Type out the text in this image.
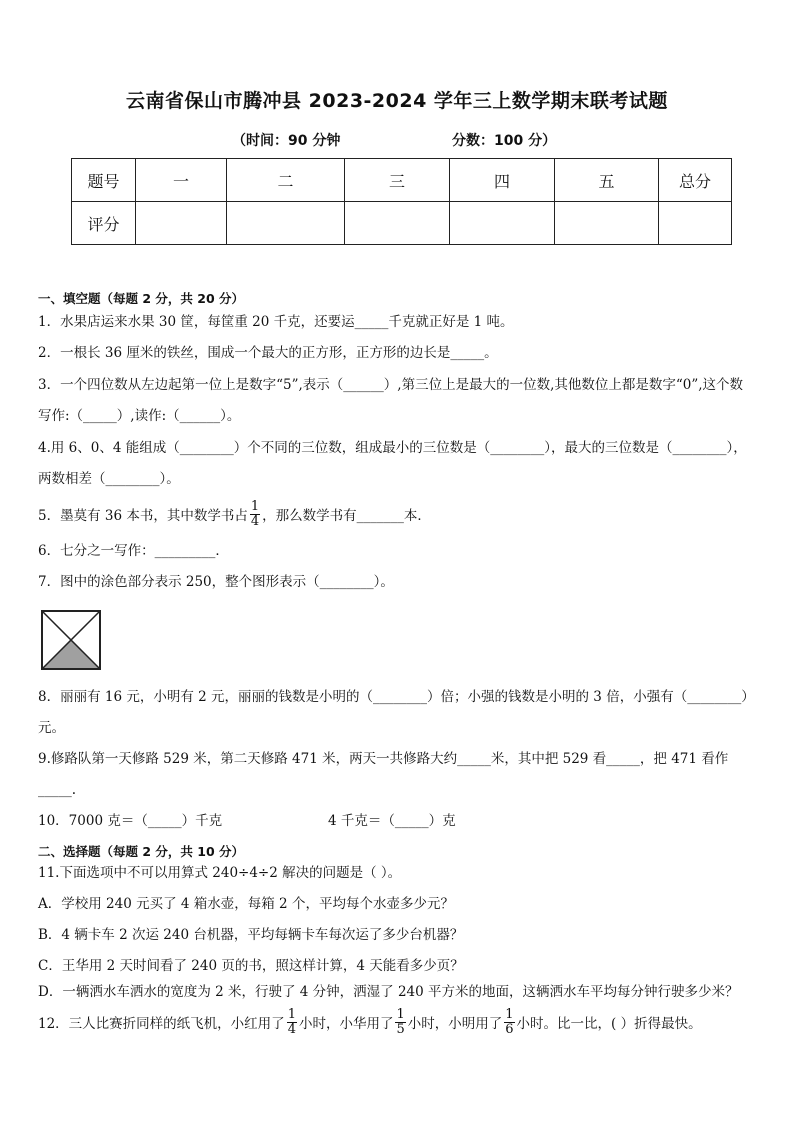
云南省保山市腾冲县 2023-2024 学年三上数学期末联考试题
（时间：90 分钟	分数：100 分）
题号	一	二	三	四	五	总分
评分						
一、填空题（每题 2 分，共 20 分）
1．水果店运来水果 30 筐，每筐重 20 千克，还要运_____千克就正好是 1 吨。
2．一根长 36 厘米的铁丝，围成一个最大的正方形，正方形的边长是_____。
3．一个四位数从左边起第一位上是数字“5”,表示（______）,第三位上是最大的一位数,其他数位上都是数字“0”,这个数
写作:（_____）,读作:（______）。
4.用 6、0、4 能组成（________）个不同的三位数，组成最小的三位数是（________），最大的三位数是（________），
两数相差（________）。
5．墨莫有 36 本书，其中数学书占 $\frac{1}{4}$ ，那么数学书有_______本．
6．七分之一写作：_________．
7．图中的涂色部分表示 250，整个图形表示（________）。
8．丽丽有 16 元，小明有 2 元，丽丽的钱数是小明的（________）倍；小强的钱数是小明的 3 倍，小强有（________）
元。
9.修路队第一天修路 529 米，第二天修路 471 米，两天一共修路大约_____米，其中把 529 看_____，把 471 看作
_____.
10．7000 克＝（_____）千克	4 千克＝（_____）克
二、选择题（每题 2 分，共 10 分）
11.下面选项中不可以用算式 240÷4÷2 解决的问题是（ ）。
A．学校用 240 元买了 4 箱水壶，每箱 2 个，平均每个水壶多少元？
B．4 辆卡车 2 次运 240 台机器，平均每辆卡车每次运了多少台机器？
C．王华用 2 天时间看了 240 页的书，照这样计算，4 天能看多少页？
D．一辆洒水车洒水的宽度为 2 米，行驶了 4 分钟，洒湿了 240 平方米的地面，这辆洒水车平均每分钟行驶多少米？
12．三人比赛折同样的纸飞机，小红用了 $\frac{1}{4}$ 小时，小华用了 $\frac{1}{5}$ 小时，小明用了 $\frac{1}{6}$ 小时。比一比，( ）折得最快。
